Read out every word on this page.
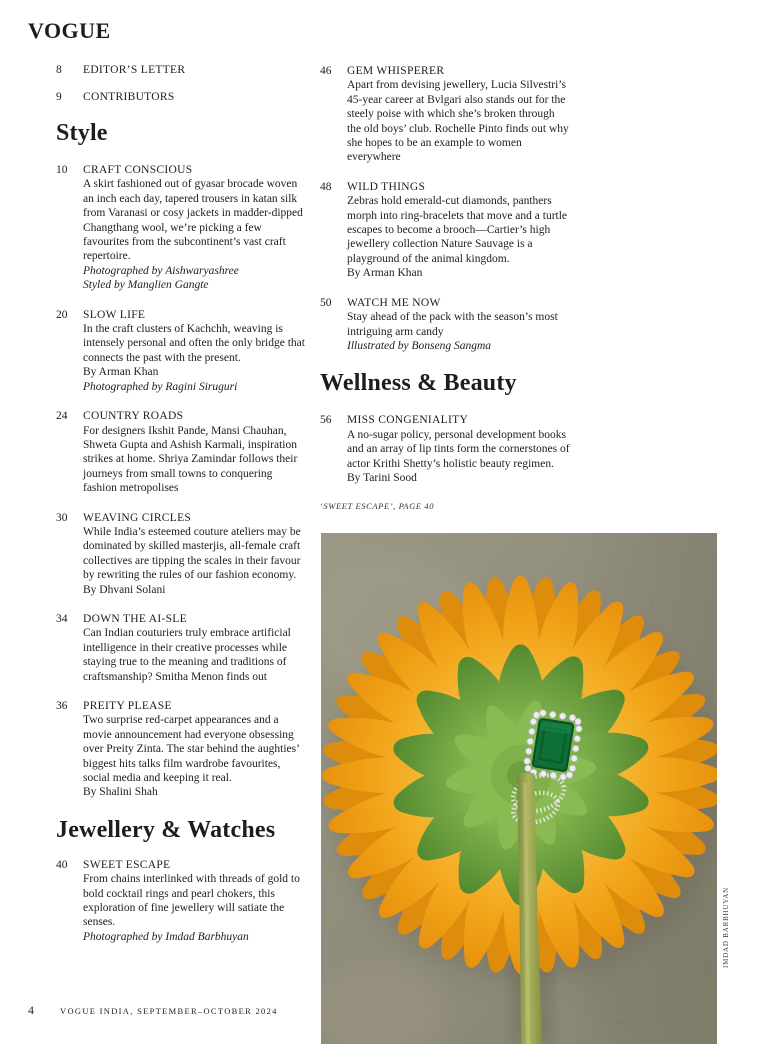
VOGUE
8	EDITOR’S LETTER
9	CONTRIBUTORS
Style
10	CRAFT CONSCIOUS
A skirt fashioned out of gyasar brocade woven an inch each day, tapered trousers in katan silk from Varanasi or cosy jackets in madder-dipped Changthang wool, we’re picking a few favourites from the subcontinent’s vast craft repertoire.
Photographed by Aishwaryashree
Styled by Manglien Gangte
20	SLOW LIFE
In the craft clusters of Kachchh, weaving is intensely personal and often the only bridge that connects the past with the present.
By Arman Khan
Photographed by Ragini Siruguri
24	COUNTRY ROADS
For designers Ikshit Pande, Mansi Chauhan, Shweta Gupta and Ashish Karmali, inspiration strikes at home. Shriya Zamindar follows their journeys from small towns to conquering fashion metropolises
30	WEAVING CIRCLES
While India’s esteemed couture ateliers may be dominated by skilled masterjis, all-female craft collectives are tipping the scales in their favour by rewriting the rules of our fashion economy.
By Dhvani Solani
34	DOWN THE AI-SLE
Can Indian couturiers truly embrace artificial intelligence in their creative processes while staying true to the meaning and traditions of craftsmanship? Smitha Menon finds out
36	PREITY PLEASE
Two surprise red-carpet appearances and a movie announcement had everyone obsessing over Preity Zinta. The star behind the aughties’ biggest hits talks film wardrobe favourites, social media and keeping it real.
By Shalini Shah
Jewellery & Watches
40	SWEET ESCAPE
From chains interlinked with threads of gold to bold cocktail rings and pearl chokers, this exploration of fine jewellery will satiate the senses.
Photographed by Imdad Barbhuyan
46	GEM WHISPERER
Apart from devising jewellery, Lucia Silvestri’s 45-year career at Bvlgari also stands out for the steely poise with which she’s broken through the old boys’ club. Rochelle Pinto finds out why she hopes to be an example to women everywhere
48	WILD THINGS
Zebras hold emerald-cut diamonds, panthers morph into ring-bracelets that move and a turtle escapes to become a brooch—Cartier’s high jewellery collection Nature Sauvage is a playground of the animal kingdom.
By Arman Khan
50	WATCH ME NOW
Stay ahead of the pack with the season’s most intriguing arm candy
Illustrated by Bonseng Sangma
Wellness & Beauty
56	MISS CONGENIALITY
A no-sugar policy, personal development books and an array of lip tints form the cornerstones of actor Krithi Shetty’s holistic beauty regimen. By Tarini Sood
‘SWEET ESCAPE’, PAGE 40
IMDAD BARBHUYAN
4	VOGUE INDIA, SEPTEMBER–OCTOBER 2024
